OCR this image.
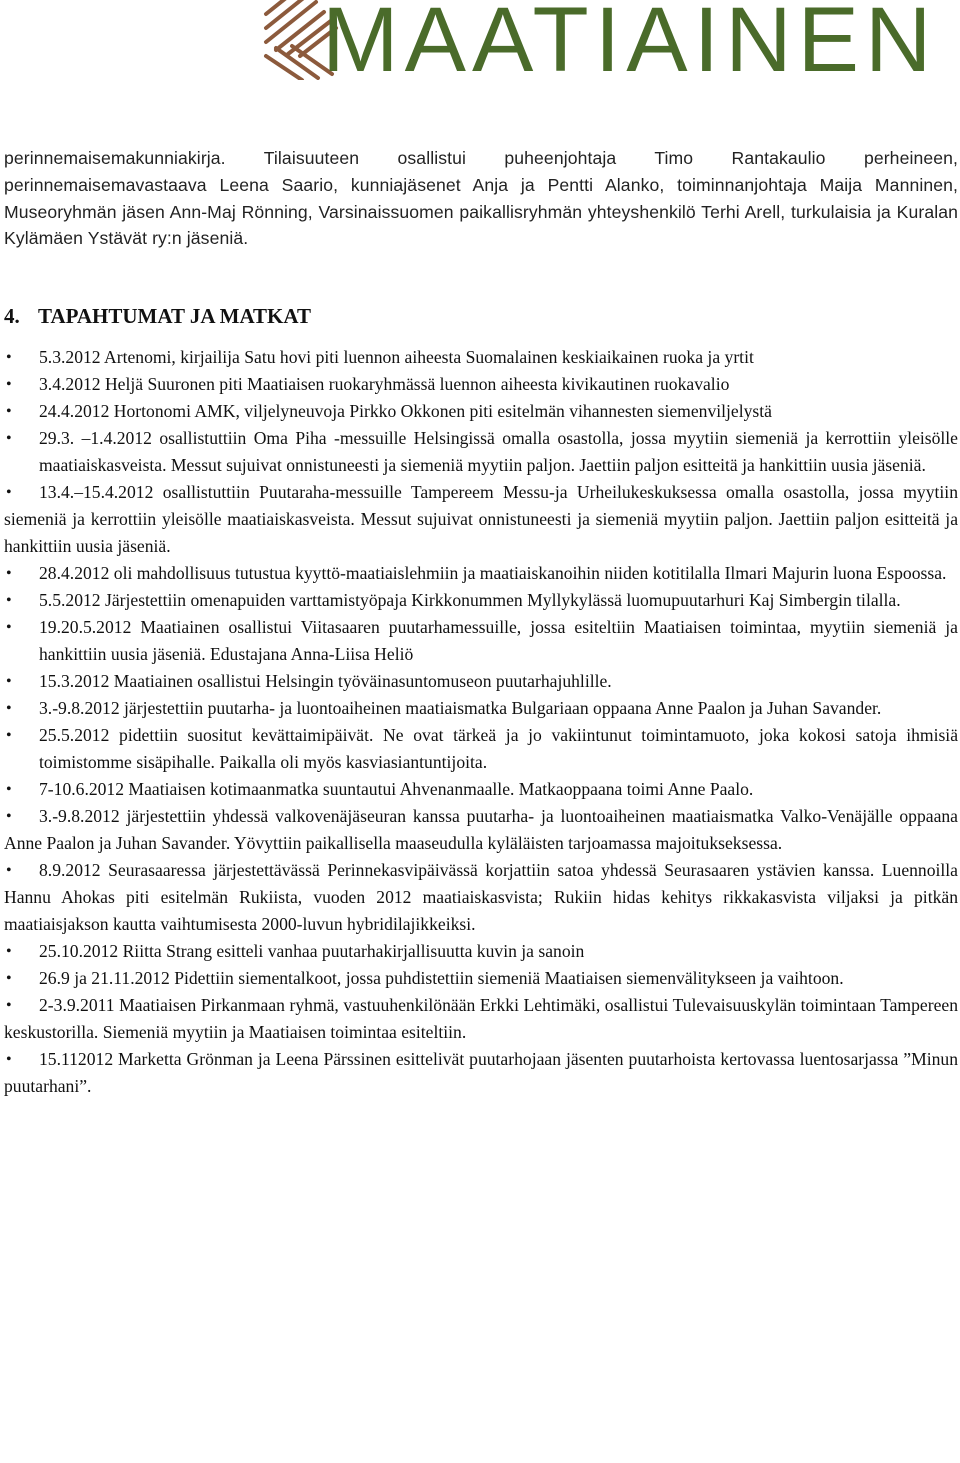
MAATIAINEN
perinnemaisemakunniakirja. Tilaisuuteen osallistui puheenjohtaja Timo Rantakaulio perheineen, perinnemaisemavastaava Leena Saario, kunniajäsenet Anja ja Pentti Alanko, toiminnanjohtaja Maija Manninen, Museoryhmän jäsen Ann-Maj Rönning, Varsinaissuomen paikallisryhmän yhteyshenkilö Terhi Arell, turkulaisia ja Kuralan Kylämäen Ystävät ry:n jäseniä.
4. TAPAHTUMAT JA MATKAT
• 5.3.2012 Artenomi, kirjailija Satu hovi piti luennon aiheesta Suomalainen keskiaikainen ruoka ja yrtit
• 3.4.2012 Heljä Suuronen piti Maatiaisen ruokaryhmässä luennon aiheesta kivikautinen ruokavalio
• 24.4.2012 Hortonomi AMK, viljelyneuvoja Pirkko Okkonen piti esitelmän vihannesten siemenviljelystä
• 29.3. –1.4.2012 osallistuttiin Oma Piha -messuille Helsingissä omalla osastolla, jossa myytiin siemeniä ja kerrottiin yleisölle maatiaiskasveista. Messut sujuivat onnistuneesti ja siemeniä myytiin paljon. Jaettiin paljon esitteitä ja hankittiin uusia jäseniä.
• 13.4.–15.4.2012 osallistuttiin Puutaraha-messuille Tampereem Messu-ja Urheilukeskuksessa omalla osastolla, jossa myytiin siemeniä ja kerrottiin yleisölle maatiaiskasveista. Messut sujuivat onnistuneesti ja siemeniä myytiin paljon. Jaettiin paljon esitteitä ja hankittiin uusia jäseniä.
• 28.4.2012 oli mahdollisuus tutustua kyyttö-maatiaislehmiin ja maatiaiskanoihin niiden kotitilalla Ilmari Majurin luona Espoossa.
• 5.5.2012 Järjestettiin omenapuiden varttamistyöpaja Kirkkonummen Myllykylässä luomupuutarhuri Kaj Simbergin tilalla.
• 19.20.5.2012 Maatiainen osallistui Viitasaaren puutarhamessuille, jossa esiteltiin Maatiaisen toimintaa, myytiin siemeniä ja hankittiin uusia jäseniä. Edustajana Anna-Liisa Heliö
• 15.3.2012 Maatiainen osallistui Helsingin työväinasuntomuseon puutarhajuhlille.
• 3.-9.8.2012 järjestettiin puutarha- ja luontoaiheinen maatiaismatka Bulgariaan oppaana Anne Paalon ja Juhan Savander.
• 25.5.2012 pidettiin suositut kevättaimipäivät. Ne ovat tärkeä ja jo vakiintunut toimintamuoto, joka kokosi satoja ihmisiä toimistomme sisäpihalle. Paikalla oli myös kasviasiantuntijoita.
• 7-10.6.2012 Maatiaisen kotimaanmatka suuntautui Ahvenanmaalle. Matkaoppaana toimi Anne Paalo.
• 3.-9.8.2012 järjestettiin yhdessä valkovenäjäseuran kanssa puutarha- ja luontoaiheinen maatiaismatka Valko-Venäjälle oppaana Anne Paalon ja Juhan Savander. Yövyttiin paikallisella maaseudulla kyläläisten tarjoamassa majoitukseksessa.
• 8.9.2012 Seurasaaressa järjestettävässä Perinnekasvipäivässä korjattiin satoa yhdessä Seurasaaren ystävien kanssa. Luennoilla Hannu Ahokas piti esitelmän Rukiista, vuoden 2012 maatiaiskasvista; Rukiin hidas kehitys rikkakasvista viljaksi ja pitkän maatiaisjakson kautta vaihtumisesta 2000-luvun hybridilajikkeiksi.
• 25.10.2012 Riitta Strang esitteli vanhaa puutarhakirjallisuutta kuvin ja sanoin
• 26.9 ja 21.11.2012 Pidettiin siementalkoot, jossa puhdistettiin siemeniä Maatiaisen siemenvälitykseen ja vaihtoon.
• 2-3.9.2011 Maatiaisen Pirkanmaan ryhmä, vastuuhenkilönään Erkki Lehtimäki, osallistui Tulevaisuuskylän toimintaan Tampereen keskustorilla. Siemeniä myytiin ja Maatiaisen toimintaa esiteltiin.
• 15.112012 Marketta Grönman ja Leena Pärssinen esittelivät puutarhojaan jäsenten puutarhoista kertovassa luentosarjassa ”Minun puutarhani”.
